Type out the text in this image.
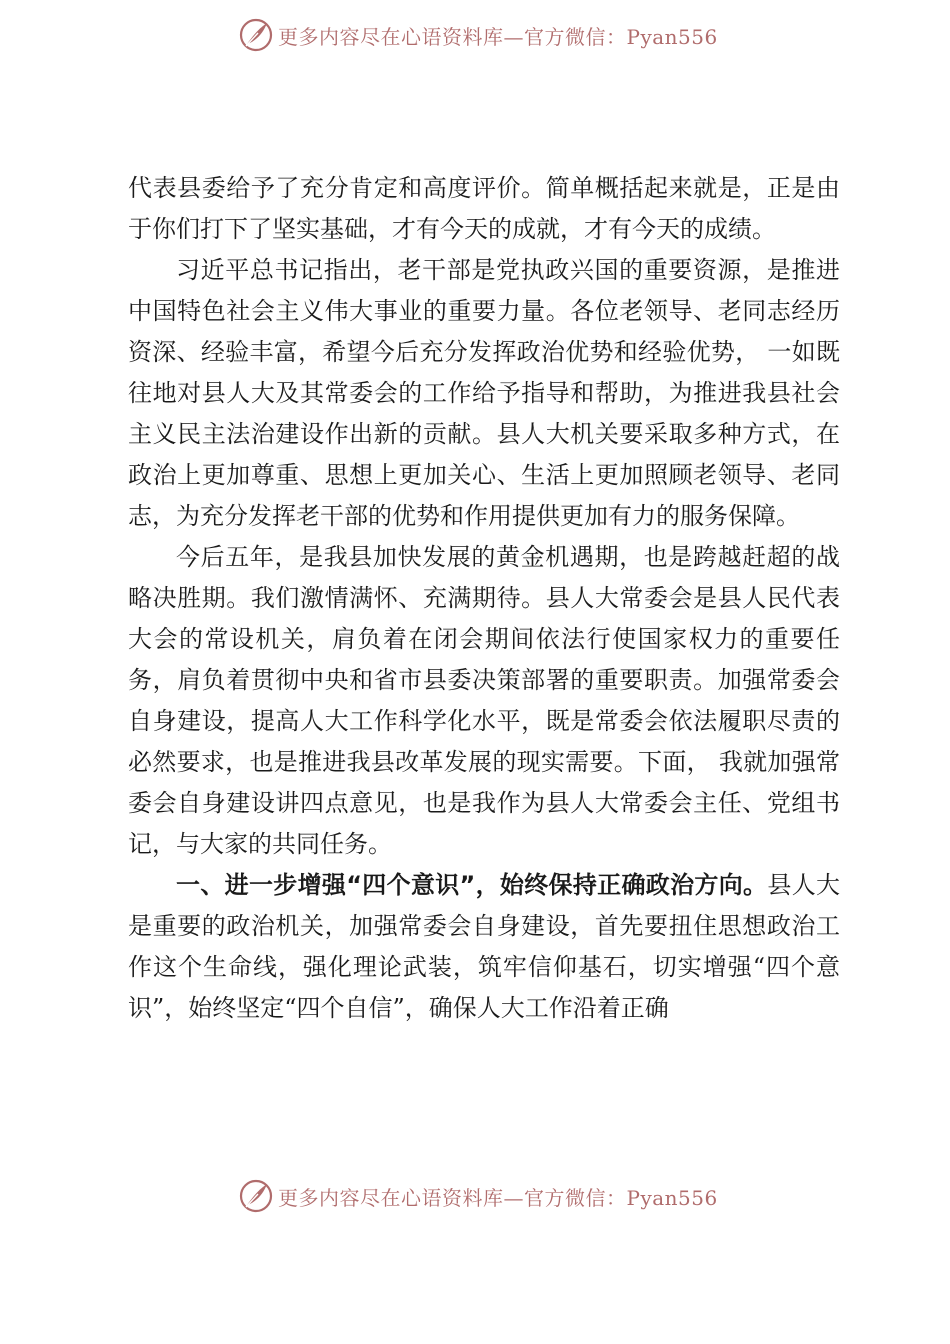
更多内容尽在心语资料库—官方微信：Pyan556

代表县委给予了充分肯定和高度评价。简单概括起来就是，正是由于你们打下了坚实基础，才有今天的成就，才有今天的成绩。

习近平总书记指出，老干部是党执政兴国的重要资源，是推进中国特色社会主义伟大事业的重要力量。各位老领导、老同志经历资深、经验丰富，希望今后充分发挥政治优势和经验优势， 一如既往地对县人大及其常委会的工作给予指导和帮助，为推进我县社会主义民主法治建设作出新的贡献。县人大机关要采取多种方式，在政治上更加尊重、思想上更加关心、生活上更加照顾老领导、老同志，为充分发挥老干部的优势和作用提供更加有力的服务保障。

今后五年，是我县加快发展的黄金机遇期，也是跨越赶超的战略决胜期。我们激情满怀、充满期待。县人大常委会是县人民代表大会的常设机关，肩负着在闭会期间依法行使国家权力的重要任务，肩负着贯彻中央和省市县委决策部署的重要职责。加强常委会自身建设，提高人大工作科学化水平，既是常委会依法履职尽责的必然要求，也是推进我县改革发展的现实需要。下面， 我就加强常委会自身建设讲四点意见，也是我作为县人大常委会主任、党组书记，与大家的共同任务。

一、进一步增强“四个意识”，始终保持正确政治方向。县人大是重要的政治机关，加强常委会自身建设，首先要扭住思想政治工作这个生命线，强化理论武装，筑牢信仰基石，切实增强“四个意识”，始终坚定“四个自信”，确保人大工作沿着正确

更多内容尽在心语资料库—官方微信：Pyan556
